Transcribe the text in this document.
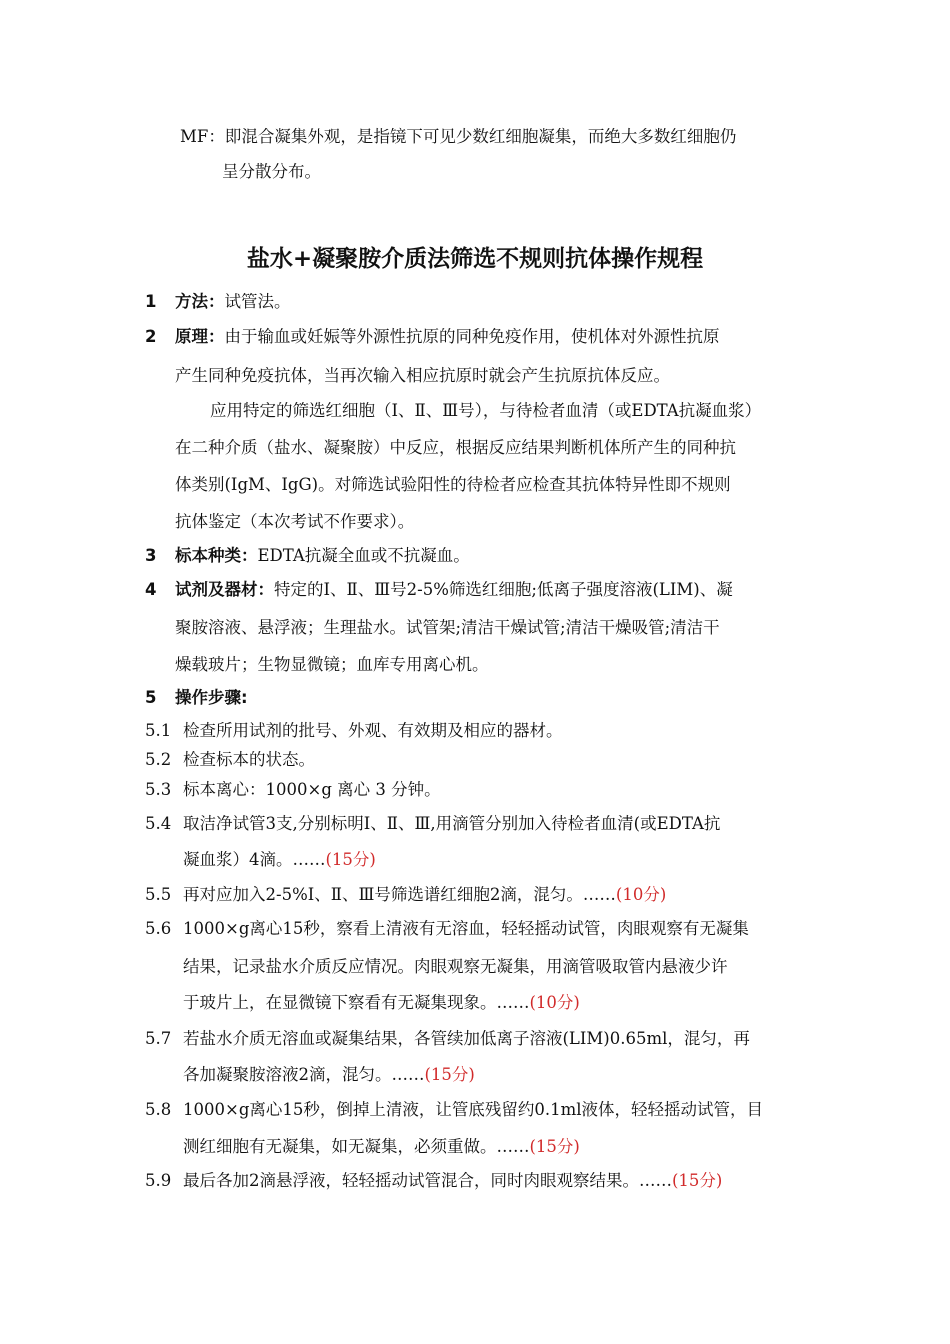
MF：即混合凝集外观，是指镜下可见少数红细胞凝集，而绝大多数红细胞仍
呈分散分布。
盐水+凝聚胺介质法筛选不规则抗体操作规程
1 方法：试管法。
2 原理：由于输血或妊娠等外源性抗原的同种免疫作用，使机体对外源性抗原
产生同种免疫抗体，当再次输入相应抗原时就会产生抗原抗体反应。
应用特定的筛选红细胞（Ⅰ、Ⅱ、Ⅲ号），与待检者血清（或EDTA抗凝血浆）
在二种介质（盐水、凝聚胺）中反应，根据反应结果判断机体所产生的同种抗
体类别(IgM、IgG)。对筛选试验阳性的待检者应检查其抗体特异性即不规则
抗体鉴定（本次考试不作要求）。
3 标本种类：EDTA抗凝全血或不抗凝血。
4 试剂及器材：特定的Ⅰ、Ⅱ、Ⅲ号2-5%筛选红细胞;低离子强度溶液(LIM)、凝
聚胺溶液、悬浮液；生理盐水。试管架;清洁干燥试管;清洁干燥吸管;清洁干
燥载玻片；生物显微镜；血库专用离心机。
5 操作步骤:
5.1 检查所用试剂的批号、外观、有效期及相应的器材。
5.2 检查标本的状态。
5.3 标本离心：1000×g 离心 3 分钟。
5.4 取洁净试管3支,分别标明Ⅰ、Ⅱ、Ⅲ,用滴管分别加入待检者血清(或EDTA抗
凝血浆）4滴。……(15分)
5.5 再对应加入2-5%Ⅰ、Ⅱ、Ⅲ号筛选谱红细胞2滴，混匀。……(10分)
5.6 1000×g离心15秒，察看上清液有无溶血，轻轻摇动试管，肉眼观察有无凝集
结果，记录盐水介质反应情况。肉眼观察无凝集，用滴管吸取管内悬液少许
于玻片上，在显微镜下察看有无凝集现象。……(10分)
5.7 若盐水介质无溶血或凝集结果，各管续加低离子溶液(LIM)0.65ml，混匀，再
各加凝聚胺溶液2滴，混匀。……(15分)
5.8 1000×g离心15秒，倒掉上清液，让管底残留约0.1ml液体，轻轻摇动试管，目
测红细胞有无凝集，如无凝集，必须重做。……(15分)
5.9 最后各加2滴悬浮液，轻轻摇动试管混合，同时肉眼观察结果。……(15分)
